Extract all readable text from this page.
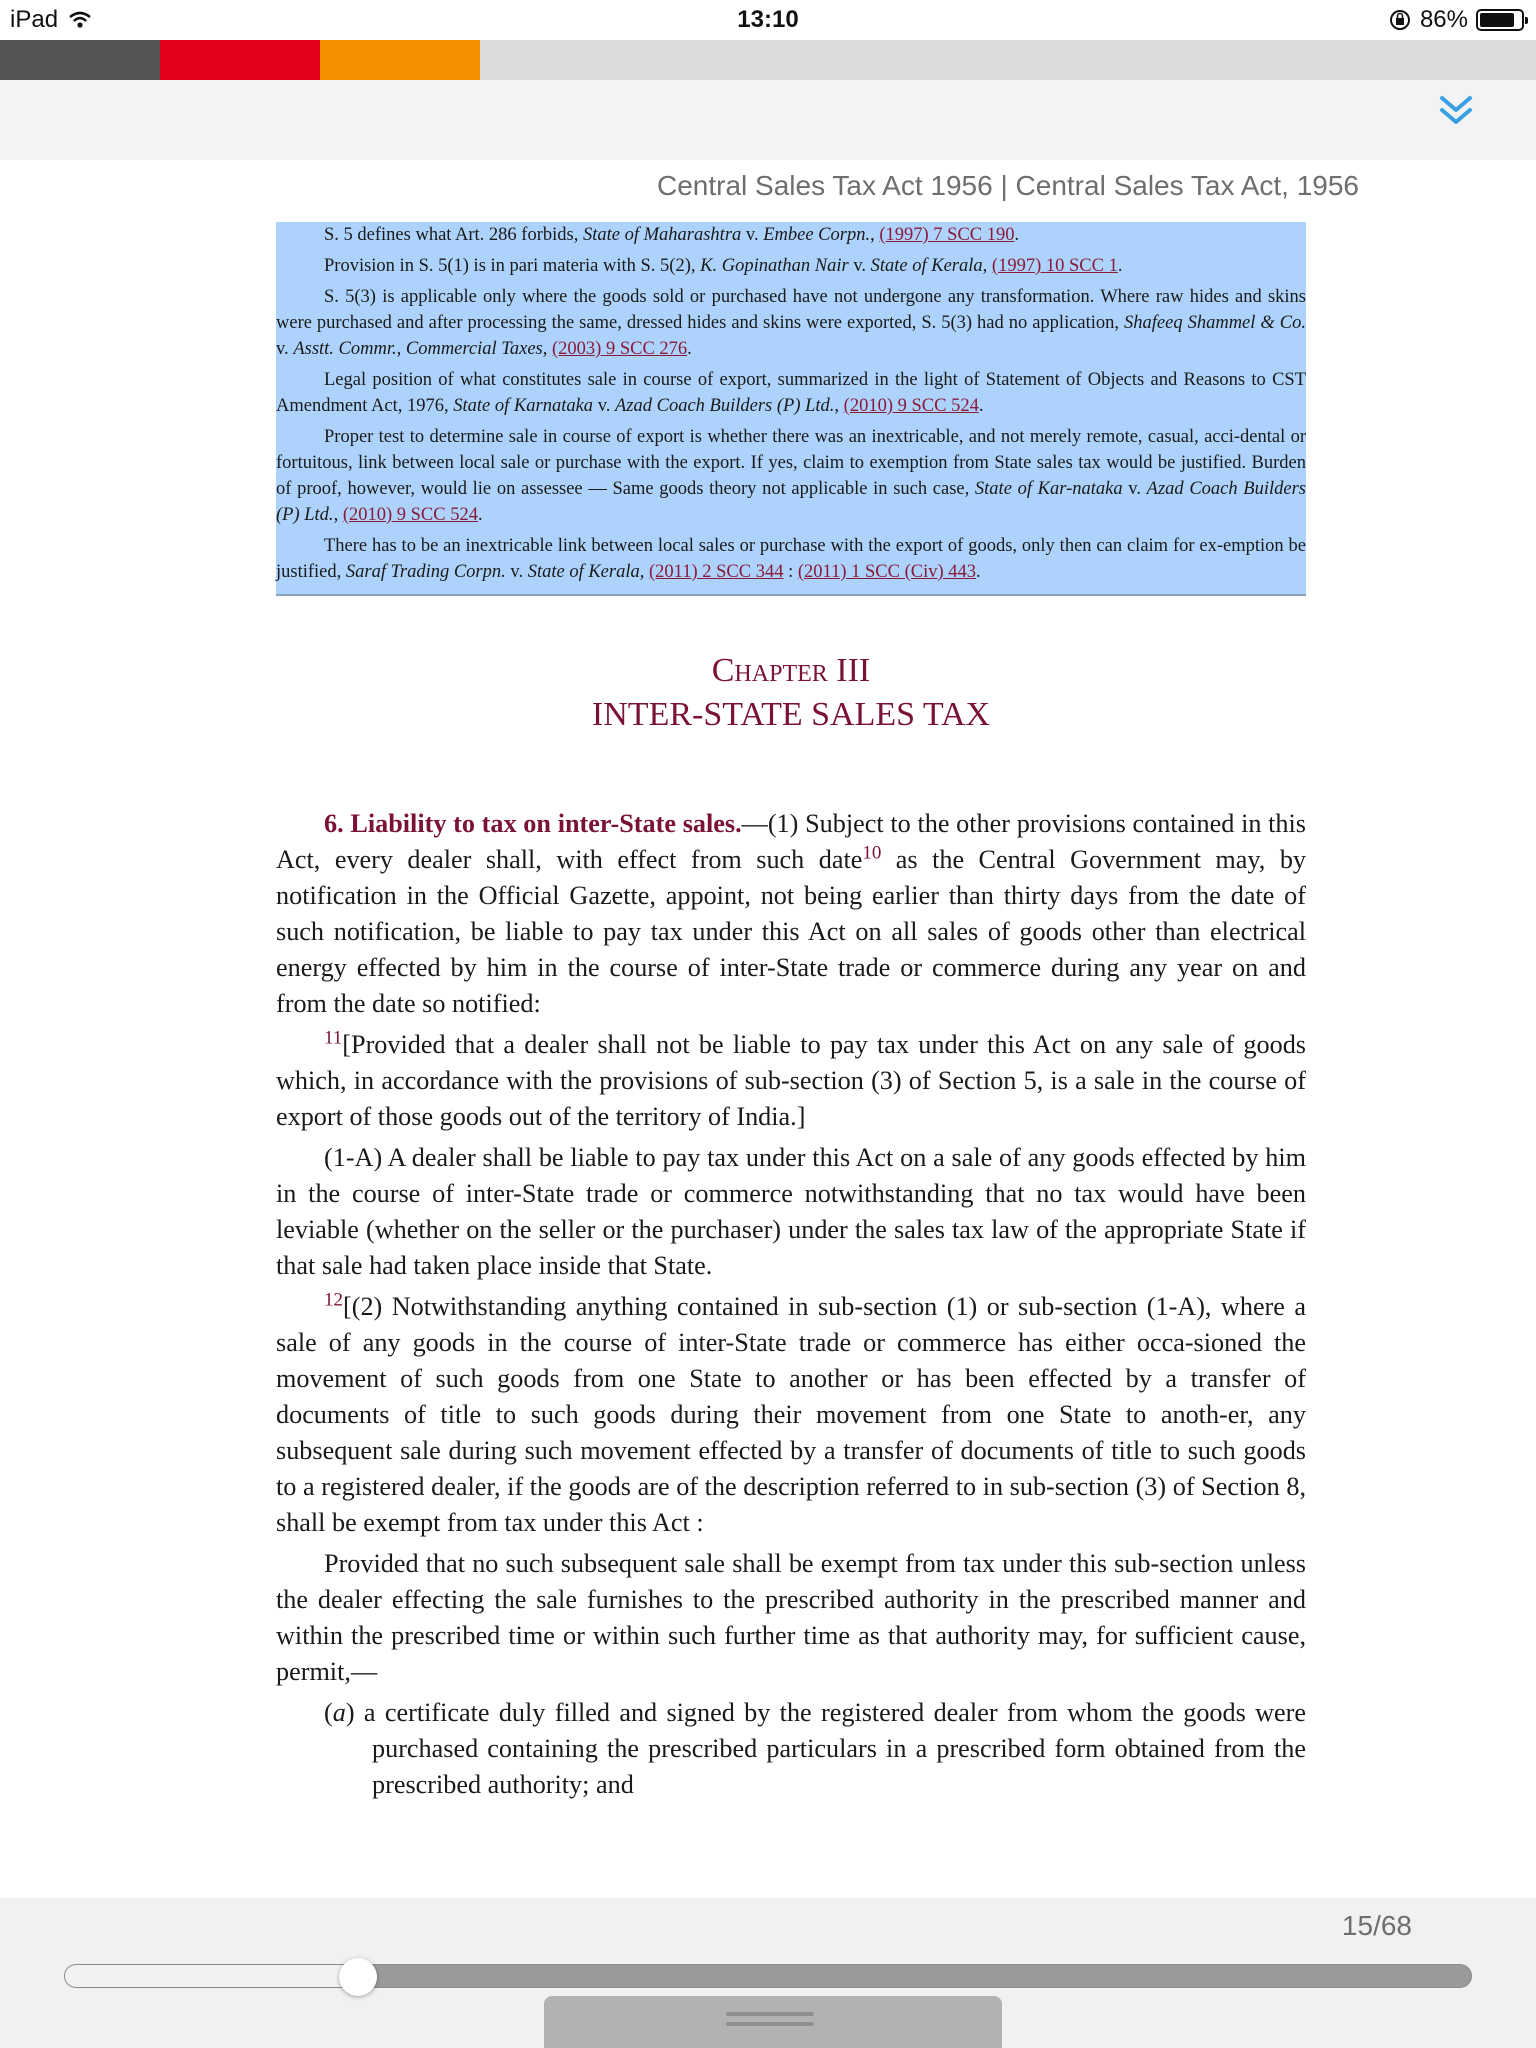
iPad	13:10	86%
Central Sales Tax Act 1956 | Central Sales Tax Act, 1956

S. 5 defines what Art. 286 forbids, State of Maharashtra v. Embee Corpn., (1997) 7 SCC 190.

Provision in S. 5(1) is in pari materia with S. 5(2), K. Gopinathan Nair v. State of Kerala, (1997) 10 SCC 1.

S. 5(3) is applicable only where the goods sold or purchased have not undergone any transformation. Where raw hides and skins were purchased and after processing the same, dressed hides and skins were exported, S. 5(3) had no application, Shafeeq Shammel & Co. v. Asstt. Commr., Commercial Taxes, (2003) 9 SCC 276.

Legal position of what constitutes sale in course of export, summarized in the light of Statement of Objects and Reasons to CST Amendment Act, 1976, State of Karnataka v. Azad Coach Builders (P) Ltd., (2010) 9 SCC 524.

Proper test to determine sale in course of export is whether there was an inextricable, and not merely remote, casual, acci-dental or fortuitous, link between local sale or purchase with the export. If yes, claim to exemption from State sales tax would be justified. Burden of proof, however, would lie on assessee — Same goods theory not applicable in such case, State of Kar-nataka v. Azad Coach Builders (P) Ltd., (2010) 9 SCC 524.

There has to be an inextricable link between local sales or purchase with the export of goods, only then can claim for ex-emption be justified, Saraf Trading Corpn. v. State of Kerala, (2011) 2 SCC 344 : (2011) 1 SCC (Civ) 443.

Chapter III
INTER-STATE SALES TAX

6. Liability to tax on inter-State sales.—(1) Subject to the other provisions contained in this Act, every dealer shall, with effect from such date$^{10}$ as the Central Government may, by notification in the Official Gazette, appoint, not being earlier than thirty days from the date of such notification, be liable to pay tax under this Act on all sales of goods other than electrical energy effected by him in the course of inter-State trade or commerce during any year on and from the date so notified:

$^{11}$[Provided that a dealer shall not be liable to pay tax under this Act on any sale of goods which, in accordance with the provisions of sub-section (3) of Section 5, is a sale in the course of export of those goods out of the territory of India.]

(1-A) A dealer shall be liable to pay tax under this Act on a sale of any goods effected by him in the course of inter-State trade or commerce notwithstanding that no tax would have been leviable (whether on the seller or the purchaser) under the sales tax law of the appropriate State if that sale had taken place inside that State.

$^{12}$[(2) Notwithstanding anything contained in sub-section (1) or sub-section (1-A), where a sale of any goods in the course of inter-State trade or commerce has either occa-sioned the movement of such goods from one State to another or has been effected by a transfer of documents of title to such goods during their movement from one State to anoth-er, any subsequent sale during such movement effected by a transfer of documents of title to such goods to a registered dealer, if the goods are of the description referred to in sub-section (3) of Section 8, shall be exempt from tax under this Act :

Provided that no such subsequent sale shall be exempt from tax under this sub-section unless the dealer effecting the sale furnishes to the prescribed authority in the prescribed manner and within the prescribed time or within such further time as that authority may, for sufficient cause, permit,—

(a) a certificate duly filled and signed by the registered dealer from whom the goods were purchased containing the prescribed particulars in a prescribed form obtained from the prescribed authority; and

15/68
